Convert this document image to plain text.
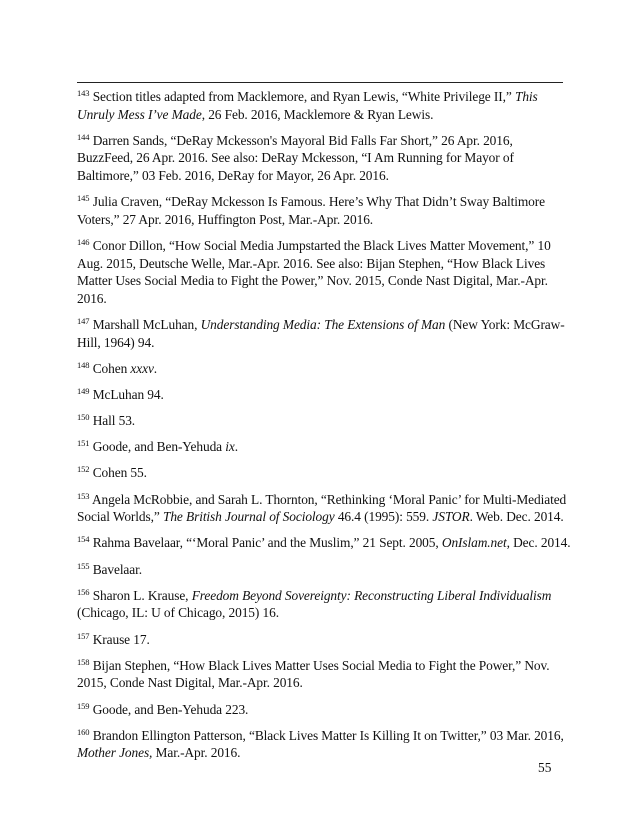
$^{143}$ Section titles adapted from Macklemore, and Ryan Lewis, “White Privilege II,” This Unruly Mess I’ve Made, 26 Feb. 2016, Macklemore & Ryan Lewis.

$^{144}$ Darren Sands, “DeRay Mckesson's Mayoral Bid Falls Far Short,” 26 Apr. 2016, BuzzFeed, 26 Apr. 2016. See also: DeRay Mckesson, “I Am Running for Mayor of Baltimore,” 03 Feb. 2016, DeRay for Mayor, 26 Apr. 2016.

$^{145}$ Julia Craven, “DeRay Mckesson Is Famous. Here’s Why That Didn’t Sway Baltimore Voters,” 27 Apr. 2016, Huffington Post, Mar.-Apr. 2016.

$^{146}$ Conor Dillon, “How Social Media Jumpstarted the Black Lives Matter Movement,” 10 Aug. 2015, Deutsche Welle, Mar.-Apr. 2016. See also: Bijan Stephen, “How Black Lives Matter Uses Social Media to Fight the Power,” Nov. 2015, Conde Nast Digital, Mar.-Apr. 2016.

$^{147}$ Marshall McLuhan, Understanding Media: The Extensions of Man (New York: McGraw-Hill, 1964) 94.

$^{148}$ Cohen xxxv.

$^{149}$ McLuhan 94.

$^{150}$ Hall 53.

$^{151}$ Goode, and Ben-Yehuda ix.

$^{152}$ Cohen 55.

$^{153}$ Angela McRobbie, and Sarah L. Thornton, “Rethinking ‘Moral Panic’ for Multi-Mediated Social Worlds,” The British Journal of Sociology 46.4 (1995): 559. JSTOR. Web. Dec. 2014.

$^{154}$ Rahma Bavelaar, “‘Moral Panic’ and the Muslim,” 21 Sept. 2005, OnIslam.net, Dec. 2014.

$^{155}$ Bavelaar.

$^{156}$ Sharon L. Krause, Freedom Beyond Sovereignty: Reconstructing Liberal Individualism (Chicago, IL: U of Chicago, 2015) 16.

$^{157}$ Krause 17.

$^{158}$ Bijan Stephen, “How Black Lives Matter Uses Social Media to Fight the Power,” Nov. 2015, Conde Nast Digital, Mar.-Apr. 2016.

$^{159}$ Goode, and Ben-Yehuda 223.

$^{160}$ Brandon Ellington Patterson, “Black Lives Matter Is Killing It on Twitter,” 03 Mar. 2016, Mother Jones, Mar.-Apr. 2016.

55
